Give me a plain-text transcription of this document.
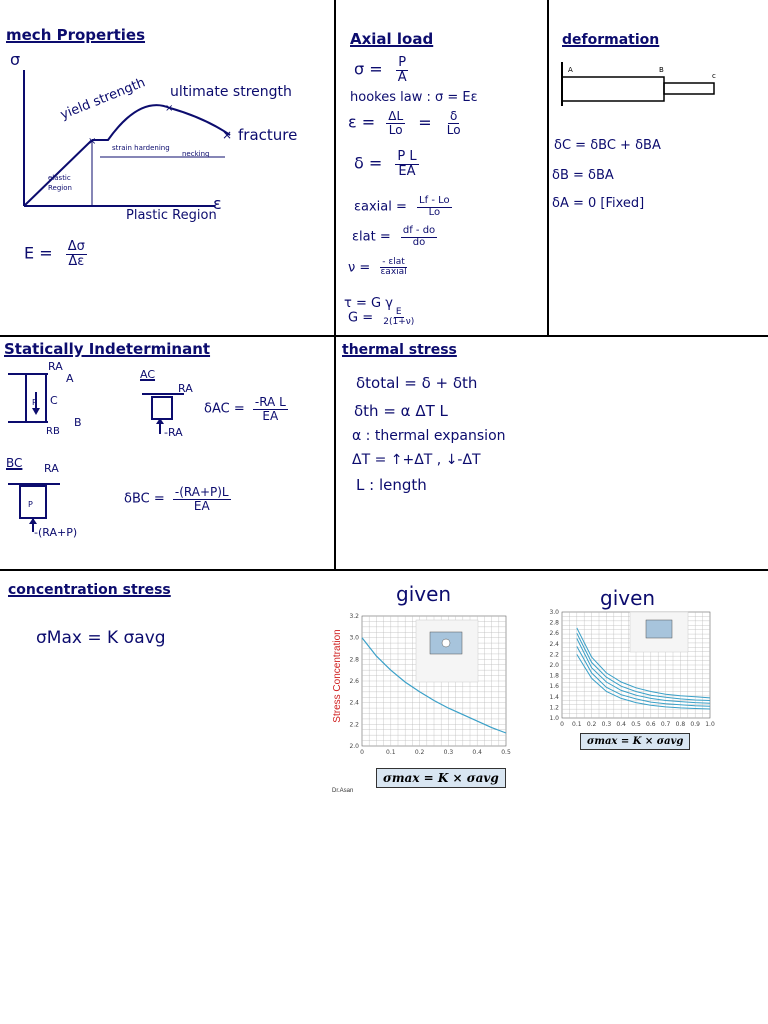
mech Properties
σ
×
×
×
yield strength ultimate strength
fracture
strain hardening
necking
elastic
Region
Plastic Region
ε
$E = \frac{\Delta\sigma}{\Delta\varepsilon}$
Axial load
$\sigma = \frac{P}{A}$
hookes law : σ = Eε
$\varepsilon = \frac{\Delta L}{Lo} = \frac{\delta}{Lo}$
$\delta = \frac{\text{P L}}{EA}$
εaxial = $\frac{Lf - Lo}{Lo}$
$\varepsilon lat = \frac{df - do}{do}$
$\nu = \frac{\text{- εlat}}{\text{εaxial}}$
τ = G γ
$G = \frac{E}{2(1+\nu)}$
deformation
A	B
c
δC = δBC + δBA
δB = δBA
δA = 0 [Fixed]
Statically Indeterminant
RA
A
C
B
RB
P
AC
RA
-RA
$\delta AC = \frac{\text{-RA L}}{EA}$
BC RA
P
-(RA+P)
$\delta BC = \frac{-(RA+P)L}{EA}$
thermal stress
δtotal = δ + δth
δth = α ΔT L
α : thermal expansion
ΔT = ↑+ΔT , ↓-ΔT
L : length
concentration stress
σMax = K σavg
given	given
Stress Concentration
3.2
3.0
2.8
2.6
2.4
2.2
2.0
0	0.1	0.2	0.3	0.4	0.5
Dr.Asan
σmax = K × σavg
3.0
2.8
2.6
2.4
2.2
2.0
1.8
1.6
1.4
1.2
1.0
0 0.1 0.2 0.3 0.4 0.5 0.6 0.7 0.8 0.9 1.0
σmax = K × σavg
